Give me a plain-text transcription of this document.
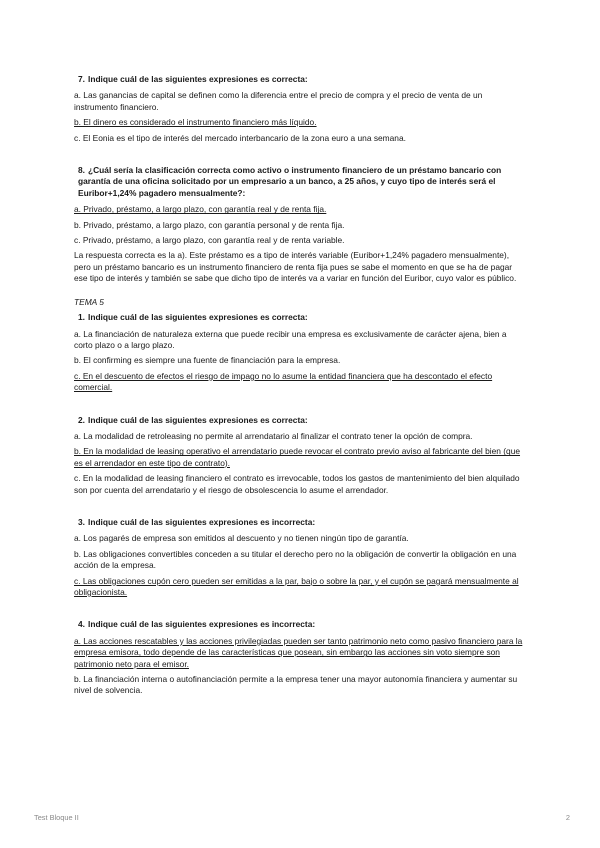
7. Indique cuál de las siguientes expresiones es correcta:
a. Las ganancias de capital se definen como la diferencia entre el precio de compra y el precio de venta de un instrumento financiero.
b. El dinero es considerado el instrumento financiero más líquido.
c. El Eonia es el tipo de interés del mercado interbancario de la zona euro a una semana.
8. ¿Cuál sería la clasificación correcta como activo o instrumento financiero de un préstamo bancario con garantía de una oficina solicitado por un empresario a un banco, a 25 años, y cuyo tipo de interés será el Euribor+1,24% pagadero mensualmente?:
a. Privado, préstamo, a largo plazo, con garantía real y de renta fija.
b. Privado, préstamo, a largo plazo, con garantía personal y de renta fija.
c. Privado, préstamo, a largo plazo, con garantía real y de renta variable.
La respuesta correcta es la a). Este préstamo es a tipo de interés variable (Euribor+1,24% pagadero mensualmente), pero un préstamo bancario es un instrumento financiero de renta fija pues se sabe el momento en que se ha de pagar ese tipo de interés y también se sabe que dicho tipo de interés va a variar en función del Euribor, cuyo valor es público.
TEMA 5
1. Indique cuál de las siguientes expresiones es correcta:
a. La financiación de naturaleza externa que puede recibir una empresa es exclusivamente de carácter ajena, bien a corto plazo o a largo plazo.
b. El confirming es siempre una fuente de financiación para la empresa.
c. En el descuento de efectos el riesgo de impago no lo asume la entidad financiera que ha descontado el efecto comercial.
2. Indique cuál de las siguientes expresiones es correcta:
a. La modalidad de retroleasing no permite al arrendatario al finalizar el contrato tener la opción de compra.
b. En la modalidad de leasing operativo el arrendatario puede revocar el contrato previo aviso al fabricante del bien (que es el arrendador en este tipo de contrato).
c. En la modalidad de leasing financiero el contrato es irrevocable, todos los gastos de mantenimiento del bien alquilado son por cuenta del arrendatario y el riesgo de obsolescencia lo asume el arrendador.
3. Indique cuál de las siguientes expresiones es incorrecta:
a. Los pagarés de empresa son emitidos al descuento y no tienen ningún tipo de garantía.
b. Las obligaciones convertibles conceden a su titular el derecho pero no la obligación de convertir la obligación en una acción de la empresa.
c. Las obligaciones cupón cero pueden ser emitidas a la par, bajo o sobre la par, y el cupón se pagará mensualmente al obligacionista.
4. Indique cuál de las siguientes expresiones es incorrecta:
a. Las acciones rescatables y las acciones privilegiadas pueden ser tanto patrimonio neto como pasivo financiero para la empresa emisora, todo depende de las características que posean, sin embargo las acciones sin voto siempre son patrimonio neto para el emisor.
b. La financiación interna o autofinanciación permite a la empresa tener una mayor autonomía financiera y aumentar su nivel de solvencia.
Test Bloque II	2
